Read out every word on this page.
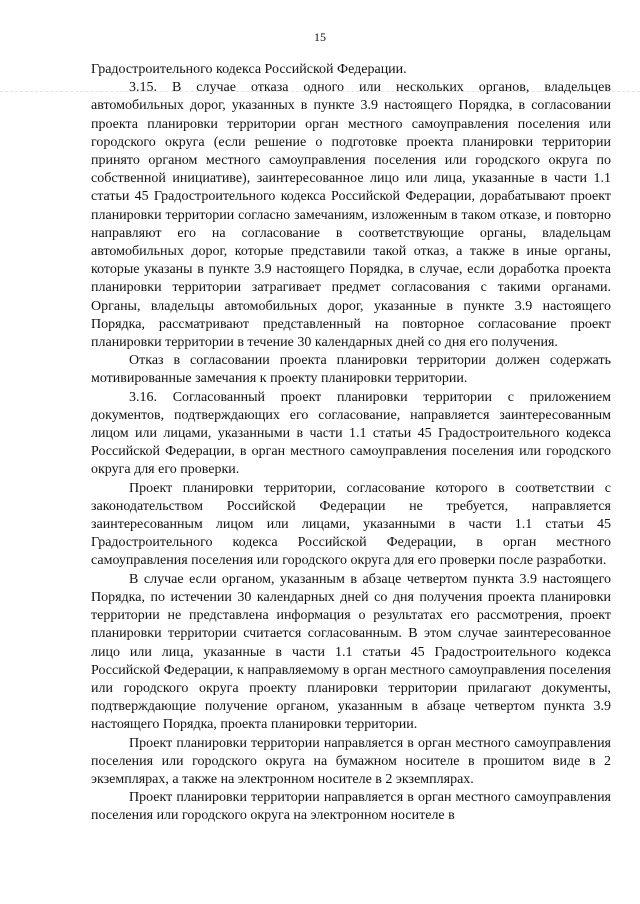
15

Градостроительного кодекса Российской Федерации.

3.15. В случае отказа одного или нескольких органов, владельцев автомобильных дорог, указанных в пункте 3.9 настоящего Порядка, в согласовании проекта планировки территории орган местного самоуправления поселения или городского округа (если решение о подготовке проекта планировки территории принято органом местного самоуправления поселения или городского округа по собственной инициативе), заинтересованное лицо или лица, указанные в части 1.1 статьи 45 Градостроительного кодекса Российской Федерации, дорабатывают проект планировки территории согласно замечаниям, изложенным в таком отказе, и повторно направляют его на согласование в соответствующие органы, владельцам автомобильных дорог, которые представили такой отказ, а также в иные органы, которые указаны в пункте 3.9 настоящего Порядка, в случае, если доработка проекта планировки территории затрагивает предмет согласования с такими органами. Органы, владельцы автомобильных дорог, указанные в пункте 3.9 настоящего Порядка, рассматривают представленный на повторное согласование проект планировки территории в течение 30 календарных дней со дня его получения.

Отказ в согласовании проекта планировки территории должен содержать мотивированные замечания к проекту планировки территории.

3.16. Согласованный проект планировки территории с приложением документов, подтверждающих его согласование, направляется заинтересованным лицом или лицами, указанными в части 1.1 статьи 45 Градостроительного кодекса Российской Федерации, в орган местного самоуправления поселения или городского округа для его проверки.

Проект планировки территории, согласование которого в соответствии с законодательством Российской Федерации не требуется, направляется заинтересованным лицом или лицами, указанными в части 1.1 статьи 45 Градостроительного кодекса Российской Федерации, в орган местного самоуправления поселения или городского округа для его проверки после разработки.

В случае если органом, указанным в абзаце четвертом пункта 3.9 настоящего Порядка, по истечении 30 календарных дней со дня получения проекта планировки территории не представлена информация о результатах его рассмотрения, проект планировки территории считается согласованным. В этом случае заинтересованное лицо или лица, указанные в части 1.1 статьи 45 Градостроительного кодекса Российской Федерации, к направляемому в орган местного самоуправления поселения или городского округа проекту планировки территории прилагают документы, подтверждающие получение органом, указанным в абзаце четвертом пункта 3.9 настоящего Порядка, проекта планировки территории.

Проект планировки территории направляется в орган местного самоуправления поселения или городского округа на бумажном носителе в прошитом виде в 2 экземплярах, а также на электронном носителе в 2 экземплярах.

Проект планировки территории направляется в орган местного самоуправления поселения или городского округа на электронном носителе в
